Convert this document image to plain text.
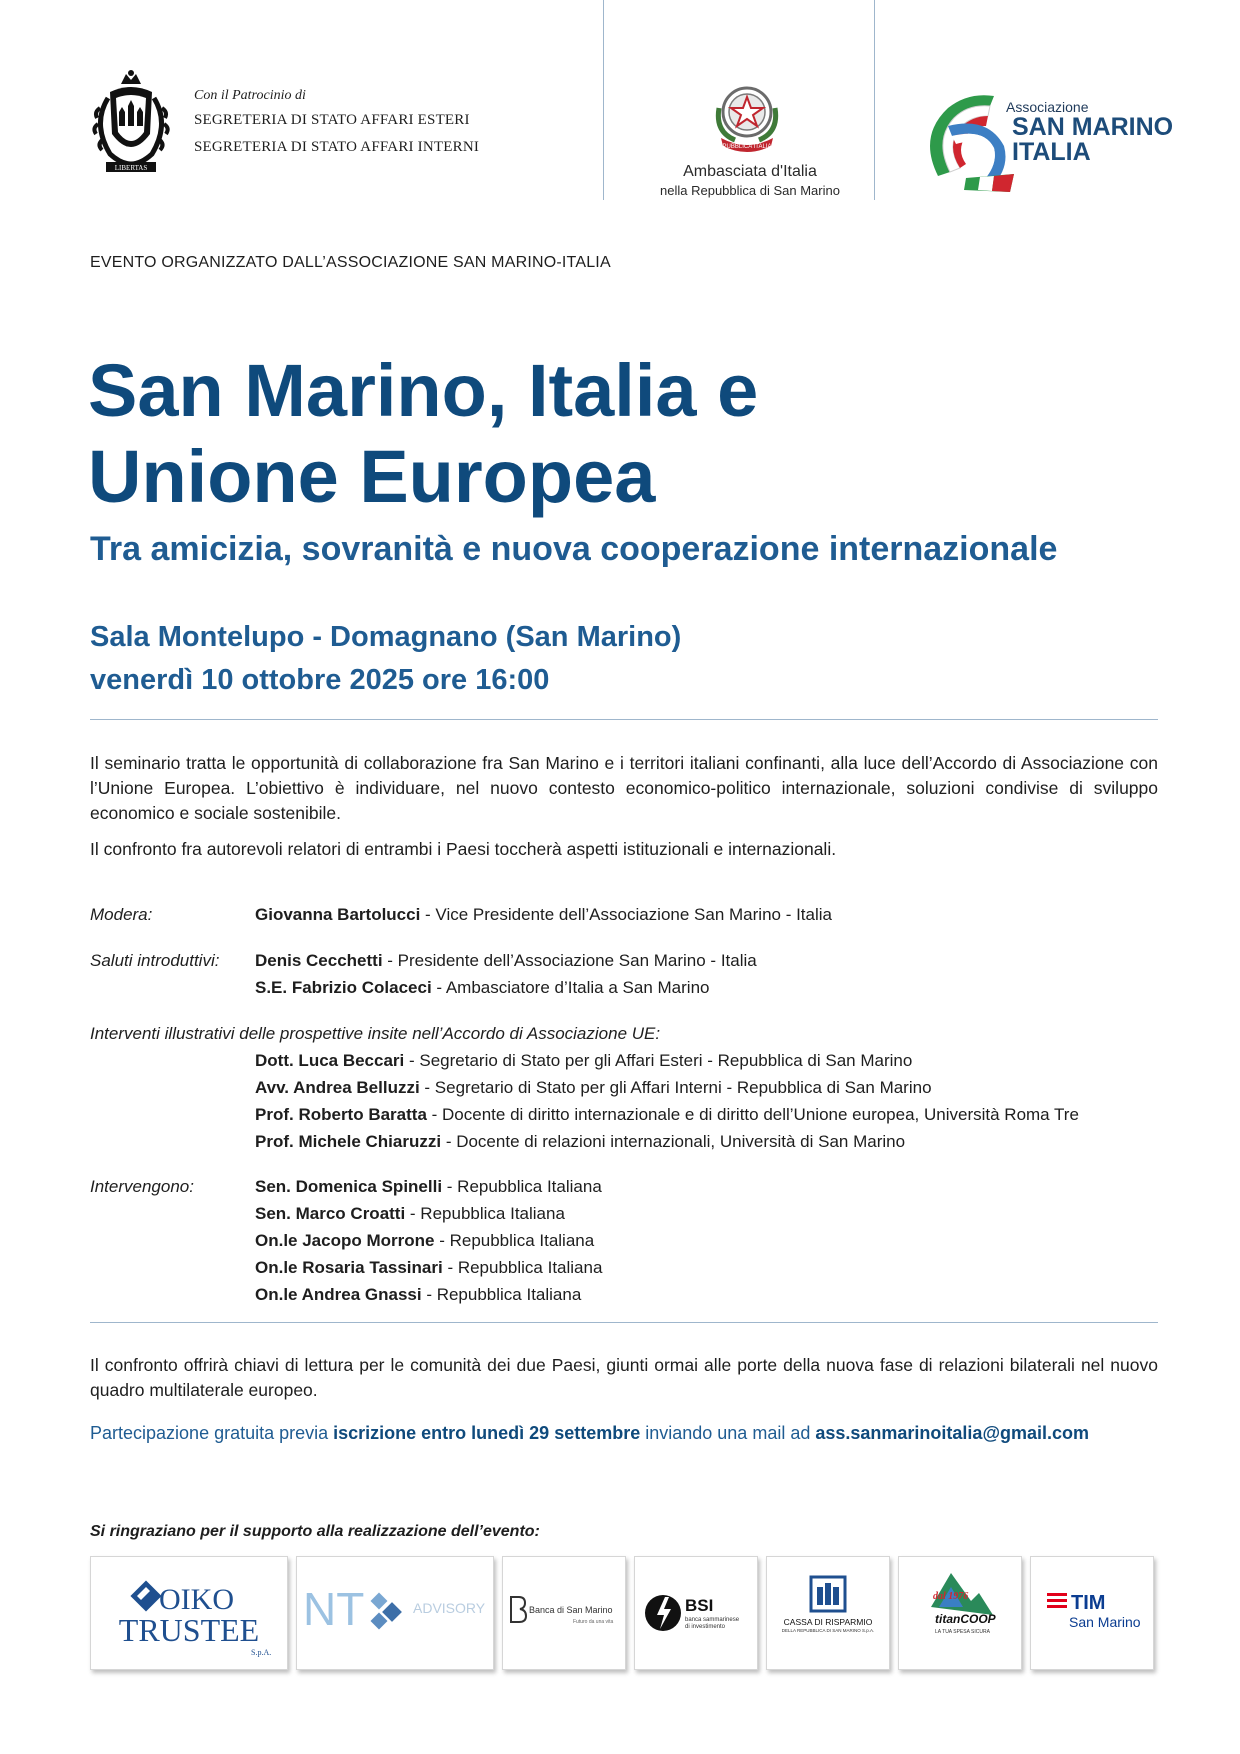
LIBERTAS
Con il Patrocinio di
SEGRETERIA DI STATO AFFARI ESTERI
SEGRETERIA DI STATO AFFARI INTERNI	REPUBBLICA ITALIANA
Ambasciata d'Italia
nella Repubblica di San Marino
Associazione
SAN MARINO
ITALIA
EVENTO ORGANIZZATO DALL’ASSOCIAZIONE SAN MARINO-ITALIA
San Marino, Italia e
Unione Europea
Tra amicizia, sovranità e nuova cooperazione internazionale
Sala Montelupo - Domagnano (San Marino)
venerdì 10 ottobre 2025 ore 16:00
Il seminario tratta le opportunità di collaborazione fra San Marino e i territori italiani confinanti, alla luce dell’Accordo di Associazione con l’Unione Europea. L’obiettivo è individuare, nel nuovo contesto economico-politico internazionale, soluzioni condivise di sviluppo economico e sociale sostenibile.
Il confronto fra autorevoli relatori di entrambi i Paesi toccherà aspetti istituzionali e internazionali.
Modera:	Giovanna Bartolucci - Vice Presidente dell’Associazione San Marino - Italia
Saluti introduttivi: Denis Cecchetti - Presidente dell’Associazione San Marino - Italia
S.E. Fabrizio Colaceci - Ambasciatore d’Italia a San Marino
Interventi illustrativi delle prospettive insite nell’Accordo di Associazione UE:
Dott. Luca Beccari - Segretario di Stato per gli Affari Esteri - Repubblica di San Marino
Avv. Andrea Belluzzi - Segretario di Stato per gli Affari Interni - Repubblica di San Marino
Prof. Roberto Baratta - Docente di diritto internazionale e di diritto dell’Unione europea, Università Roma Tre
Prof. Michele Chiaruzzi - Docente di relazioni internazionali, Università di San Marino
Intervengono:	Sen. Domenica Spinelli - Repubblica Italiana
Sen. Marco Croatti - Repubblica Italiana
On.le Jacopo Morrone - Repubblica Italiana
On.le Rosaria Tassinari - Repubblica Italiana
On.le Andrea Gnassi - Repubblica Italiana
Il confronto offrirà chiavi di lettura per le comunità dei due Paesi, giunti ormai alle porte della nuova fase di relazioni bilaterali nel nuovo quadro multilaterale europeo.
Partecipazione gratuita previa iscrizione entro lunedì 29 settembre inviando una mail ad ass.sanmarinoitalia@gmail.com
Si ringraziano per il supporto alla realizzazione dell’evento:
OIKO
TRUSTEE
S.p.A.
NT	ADVISORY	Banca di San Marino
Futuro da una vita
BSI
banca sammarinese
di investimento	CASSA DI RISPARMIO
DELLA REPUBBLICA DI SAN MARINO S.p.A.
dal 1976
titanCOOP
LA TUA SPESA SICURA
TIM
San Marino
